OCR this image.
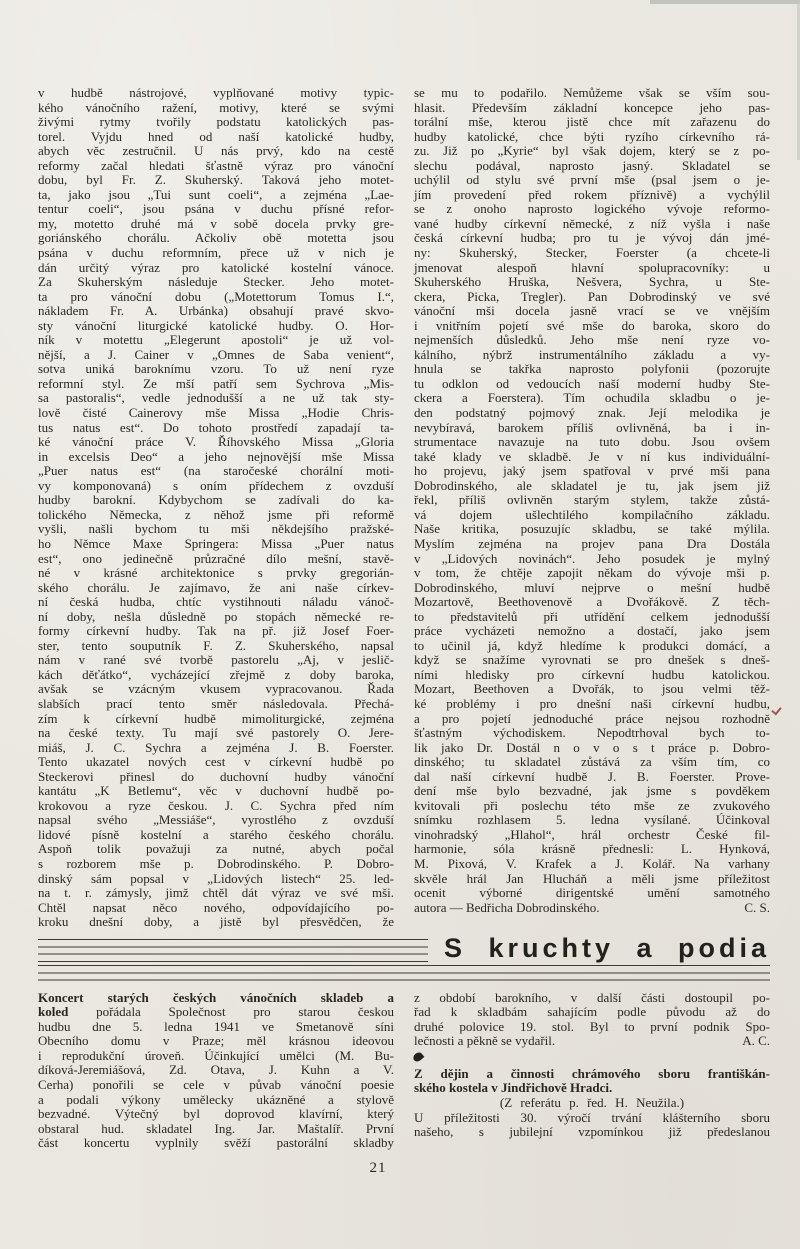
v hudbě nástrojové, vyplňované motivy typic-
kého vánočního ražení, motivy, které se svými
živými rytmy tvořily podstatu katolických pas-
torel. Vyjdu hned od naší katolické hudby,
abych věc zestručnil. U nás prvý, kdo na cestě
reformy začal hledati šťastně výraz pro vánoční
dobu, byl Fr. Z. Skuherský. Taková jeho motet-
ta, jako jsou „Tui sunt coeli“, a zejména „Lae-
tentur coeli“, jsou psána v duchu přísné refor-
my, motetto druhé má v sobě docela prvky gre-
goriánského chorálu. Ačkoliv obě motetta jsou
psána v duchu reformním, přece už v nich je
dán určitý výraz pro katolické kostelní vánoce.
Za Skuherským následuje Stecker. Jeho motet-
ta pro vánoční dobu („Motettorum Tomus I.“,
nákladem Fr. A. Urbánka) obsahují pravé skvo-
sty vánoční liturgické katolické hudby. O. Hor-
ník v motettu „Elegerunt apostoli“ je už vol-
nější, a J. Cainer v „Omnes de Saba venient“,
sotva uniká baroknímu vzoru. To už není ryze
reformní styl. Ze mší patří sem Sychrova „Mis-
sa pastoralis“, vedle jednodušší a ne už tak sty-
lově čisté Cainerovy mše Missa „Hodie Chris-
tus natus est“. Do tohoto prostředí zapadají ta-
ké vánoční práce V. Říhovského Missa „Gloria
in excelsis Deo“ a jeho nejnovější mše Missa
„Puer natus est“ (na staročeské chorální moti-
vy komponovaná) s oním přídechem z ovzduší
hudby barokní. Kdybychom se zadívali do ka-
tolického Německa, z něhož jsme při reformě
vyšli, našli bychom tu mši někdejšího pražské-
ho Němce Maxe Springera: Missa „Puer natus
est“, ono jedinečně průzračné dílo mešní, stavě-
né v krásné architektonice s prvky gregorián-
ského chorálu. Je zajímavo, že ani naše církev-
ní česká hudba, chtíc vystihnouti náladu vánoč-
ní doby, nešla důsledně po stopách německé re-
formy církevní hudby. Tak na př. již Josef Foer-
ster, tento souputník F. Z. Skuherského, napsal
nám v rané své tvorbě pastorelu „Aj, v jeslič-
kách děťátko“, vycházející zřejmě z doby baroka,
avšak se vzácným vkusem vypracovanou. Řada
slabších prací tento směr následovala. Přechá-
zím k církevní hudbě mimoliturgické, zejména
na české texty. Tu mají své pastorely O. Jere-
miáš, J. C. Sychra a zejména J. B. Foerster.
Tento ukazatel nových cest v církevní hudbě po
Steckerovi přinesl do duchovní hudby vánoční
kantátu „K Betlemu“, věc v duchovní hudbě po-
krokovou a ryze českou. J. C. Sychra před ním
napsal svého „Messiáše“, vyrostlého z ovzduší
lidové písně kostelní a starého českého chorálu.
Aspoň tolik považuji za nutné, abych počal
s rozborem mše p. Dobrodinského. P. Dobro-
dinský sám popsal v „Lidových listech“ 25. led-
na t. r. zámysly, jimž chtěl dát výraz ve své mši.
Chtěl napsat něco nového, odpovídajícího po-
kroku dnešní doby, a jistě byl přesvědčen, že
se mu to podařilo. Nemůžeme však se vším sou-
hlasit. Především základní koncepce jeho pas-
torální mše, kterou jistě chce mít zařazenu do
hudby katolické, chce býti ryzího církevního rá-
zu. Již po „Kyrie“ byl však dojem, který se z po-
slechu podával, naprosto jasný. Skladatel se
uchýlil od stylu své první mše (psal jsem o je-
jím provedení před rokem příznivě) a vychýlil
se z onoho naprosto logického vývoje reformo-
vané hudby církevní německé, z níž vyšla i naše
česká církevní hudba; pro tu je vývoj dán jmé-
ny: Skuherský, Stecker, Foerster (a chcete-li
jmenovat alespoň hlavní spolupracovníky: u
Skuherského Hruška, Nešvera, Sychra, u Ste-
ckera, Picka, Tregler). Pan Dobrodinský ve své
vánoční mši docela jasně vrací se ve vnějším
i vnitřním pojetí své mše do baroka, skoro do
nejmenších důsledků. Jeho mše není ryze vo-
kálního, nýbrž instrumentálního základu a vy-
hnula se takřka naprosto polyfonii (pozorujte
tu odklon od vedoucích naší moderní hudby Ste-
ckera a Foerstera). Tím ochudila skladbu o je-
den podstatný pojmový znak. Její melodika je
nevybíravá, barokem příliš ovlivněná, ba i in-
strumentace navazuje na tuto dobu. Jsou ovšem
také klady ve skladbě. Je v ní kus individuální-
ho projevu, jaký jsem spatřoval v prvé mši pana
Dobrodinského, ale skladatel je tu, jak jsem již
řekl, příliš ovlivněn starým stylem, takže zůstá-
vá dojem ušlechtilého kompilačního základu.
Naše kritika, posuzujíc skladbu, se také mýlila.
Myslím zejména na projev pana Dra Dostála
v „Lidových novinách“. Jeho posudek je mylný
v tom, že chtěje zapojit někam do vývoje mši p.
Dobrodinského, mluví nejprve o mešní hudbě
Mozartově, Beethovenově a Dvořákově. Z těch-
to představitelů při utřídění celkem jednodušší
práce vycházeti nemožno a dostačí, jako jsem
to učinil já, když hledíme k produkci domácí, a
když se snažíme vyrovnati se pro dnešek s dneš-
ními hledisky pro církevní hudbu katolickou.
Mozart, Beethoven a Dvořák, to jsou velmi těž-
ké problémy i pro dnešní naši církevní hudbu,
a pro pojetí jednoduché práce nejsou rozhodně
šťastným východiskem. Nepodtrhoval bych to-
lik jako Dr. Dostál n o v o s t práce p. Dobro-
dinského; tu skladatel zůstává za vším tím, co
dal naší církevní hudbě J. B. Foerster. Prove-
dení mše bylo bezvadné, jak jsme s povděkem
kvitovali při poslechu této mše ze zvukového
snímku rozhlasem 5. ledna vysílané. Účinkoval
vinohradský „Hlahol“, hrál orchestr České fil-
harmonie, sóla krásně přednesli: L. Hynková,
M. Pixová, V. Krafek a J. Kolář. Na varhany
skvěle hrál Jan Hlucháň a měli jsme příležitost
ocenit výborné dirigentské umění samotného
autora — Bedřicha Dobrodinského.	C. S.
S kruchty a podia
Koncert starých českých vánočních skladeb a
koled pořádala Společnost pro starou českou
hudbu dne 5. ledna 1941 ve Smetanově síni
Obecního domu v Praze; měl krásnou ideovou
i reprodukční úroveň. Účinkující umělci (M. Bu-
díková-Jeremiášová, Zd. Otava, J. Kuhn a V.
Cerha) ponořili se cele v půvab vánoční poesie
a podali výkony umělecky ukázněné a stylově
bezvadné. Výtečný byl doprovod klavírní, který
obstaral hud. skladatel Ing. Jar. Maštalíř. První
část koncertu vyplnily svěží pastorální skladby
z období barokního, v další části dostoupil po-
řad k skladbám sahajícím podle původu až do
druhé polovice 19. stol. Byl to první podnik Spo-
lečnosti a pěkně se vydařil.	A. C.
Z dějin a činnosti chrámového sboru františkán-
ského kostela v Jindřichově Hradci.
(Z referátu p. řed. H. Neužila.)
U příležitosti 30. výročí trvání klášterního sboru
našeho, s jubilejní vzpomínkou již předeslanou
21
